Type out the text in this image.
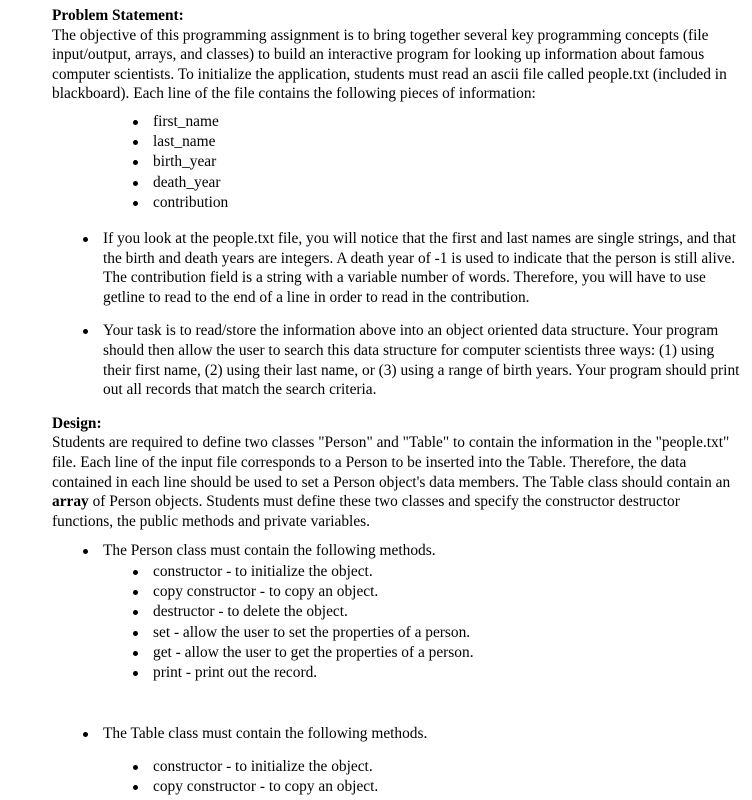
Problem Statement:

The objective of this programming assignment is to bring together several key programming concepts (file input/output, arrays, and classes) to build an interactive program for looking up information about famous computer scientists. To initialize the application, students must read an ascii file called people.txt (included in blackboard). Each line of the file contains the following pieces of information:

first_name
last_name
birth_year
death_year
contribution
If you look at the people.txt file, you will notice that the first and last names are single strings, and that the birth and death years are integers. A death year of -1 is used to indicate that the person is still alive. The contribution field is a string with a variable number of words. Therefore, you will have to use getline to read to the end of a line in order to read in the contribution.
Your task is to read/store the information above into an object oriented data structure. Your program should then allow the user to search this data structure for computer scientists three ways: (1) using their first name, (2) using their last name, or (3) using a range of birth years. Your program should print out all records that match the search criteria.

Design:

Students are required to define two classes "Person" and "Table" to contain the information in the "people.txt" file. Each line of the input file corresponds to a Person to be inserted into the Table. Therefore, the data contained in each line should be used to set a Person object's data members. The Table class should contain an array of Person objects. Students must define these two classes and specify the constructor destructor functions, the public methods and private variables.

The Person class must contain the following methods.
constructor - to initialize the object.
copy constructor - to copy an object.
destructor - to delete the object.
set - allow the user to set the properties of a person.
get - allow the user to get the properties of a person.
print - print out the record.
The Table class must contain the following methods.
constructor - to initialize the object.
copy constructor - to copy an object.
